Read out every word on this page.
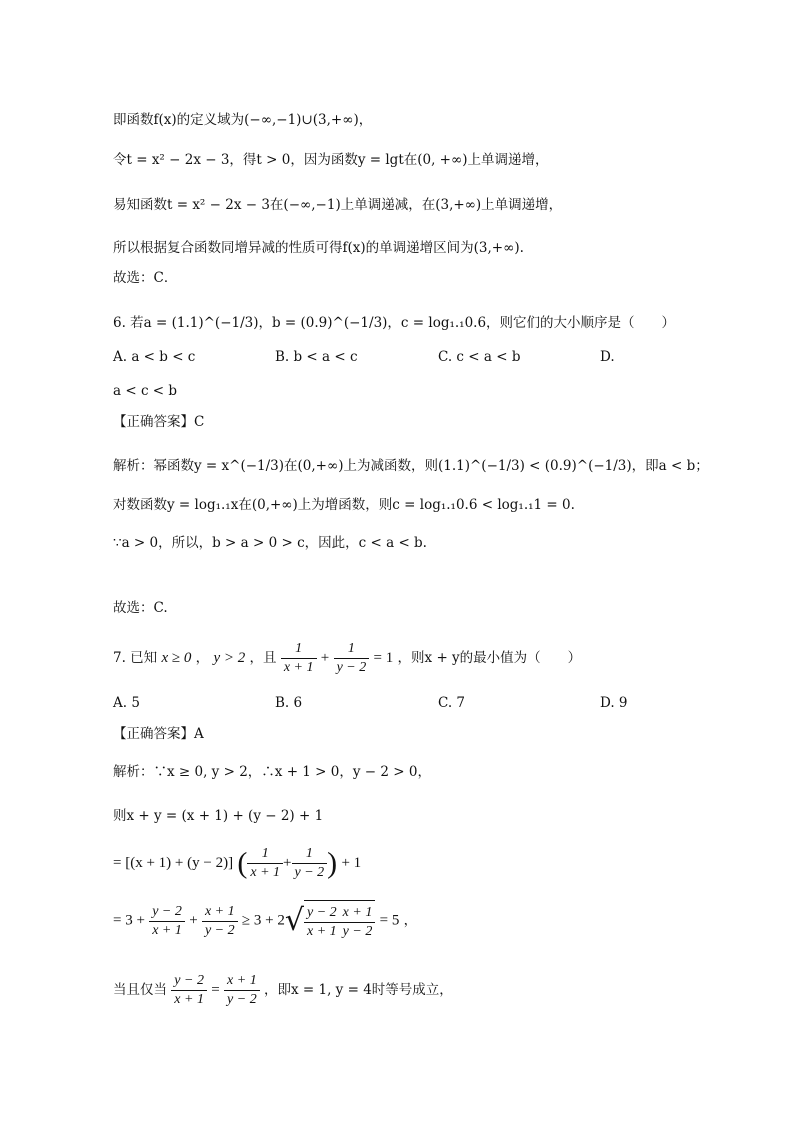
即函数f(x)的定义域为(−∞,−1)∪(3,+∞)，
令t = x² − 2x − 3，得t > 0，因为函数y = lgt在(0, +∞)上单调递增，
易知函数t = x² − 2x − 3在(−∞,−1)上单调递减，在(3,+∞)上单调递增，
所以根据复合函数同增异减的性质可得f(x)的单调递增区间为(3,+∞).
故选：C．
6. 若a = (1.1)^(−1/3)，b = (0.9)^(−1/3)，c = log₁.₁0.6，则它们的大小顺序是（　　）
A. a < b < c	B. b < a < c	C. c < a < b	D.
a < c < b
【正确答案】C
解析：幂函数y = x^(−1/3)在(0,+∞)上为减函数，则(1.1)^(−1/3) < (0.9)^(−1/3)，即a < b；
对数函数y = log₁.₁x在(0,+∞)上为增函数，则c = log₁.₁0.6 < log₁.₁1 = 0.
∵a > 0，所以，b > a > 0 > c，因此，c < a < b.
故选：C.
7. 已知 x ≥ 0 ， y > 2 ，且 $\frac{1}{x + 1} + \frac{1}{y - 2} = 1$ ，则x + y的最小值为（　　）
A. 5	B. 6	C. 7	D. 9
【正确答案】A
解析：∵x ≥ 0, y > 2，∴x + 1 > 0，y − 2 > 0，
则x + y = (x + 1) + (y − 2) + 1
= [(x + 1) + (y − 2)] ( $\frac{1}{x + 1} + \frac{1}{y - 2}$ ) + 1
= $3 + \frac{y - 2}{x + 1} + \frac{x + 1}{y - 2} \ge 3 + 2√ \frac{y - 2}{x + 1} \frac{x + 1}{y - 2} = 5$ ，
当且仅当 $\frac{y - 2}{x + 1} = \frac{x + 1}{y - 2}$ ，即x = 1, y = 4时等号成立，
